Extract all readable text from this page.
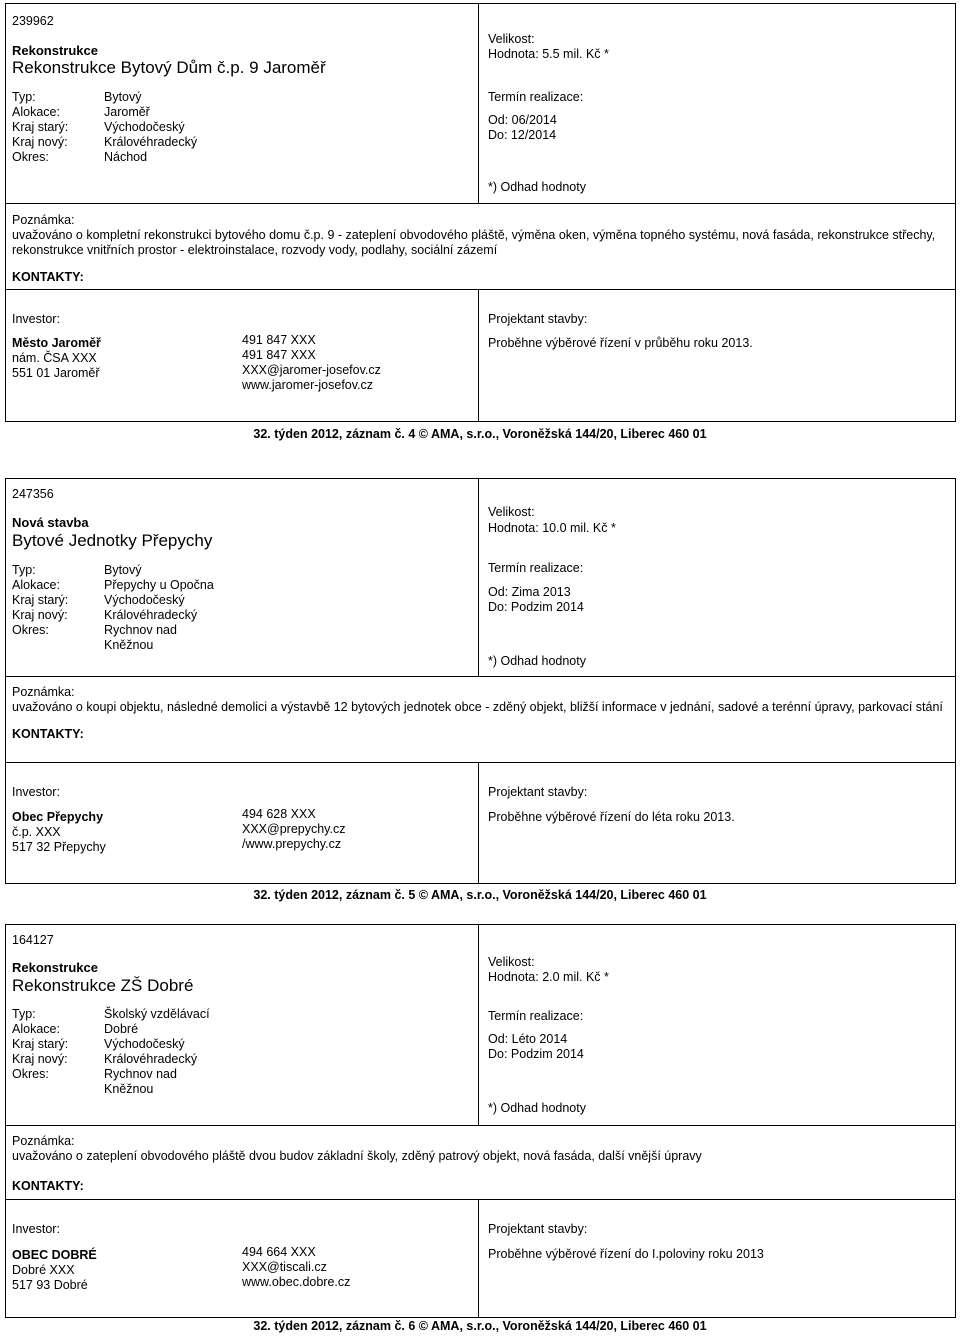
239962
Rekonstrukce
Rekonstrukce Bytový Dům č.p. 9 Jaroměř
Typ:	Bytový
Alokace:	Jaroměř
Kraj starý:	Východočeský
Kraj nový:	Královéhradecký
Okres:	Náchod
Velikost:
Hodnota: 5.5 mil. Kč *
Termín realizace:
Od: 06/2014
Do: 12/2014
*) Odhad hodnoty
Poznámka:
uvažováno o kompletní rekonstrukci bytového domu č.p. 9 - zateplení obvodového pláště, výměna oken, výměna topného systému, nová fasáda, rekonstrukce střechy, rekonstrukce vnitřních prostor - elektroinstalace, rozvody vody, podlahy, sociální zázemí
KONTAKTY:
Investor:
Město Jaroměř
nám. ČSA XXX
551 01 Jaroměř
491 847 XXX
491 847 XXX
XXX@jaromer-josefov.cz
www.jaromer-josefov.cz
Projektant stavby:
Proběhne výběrové řízení v průběhu roku 2013.
32. týden 2012, záznam č. 4 © AMA, s.r.o., Voroněžská 144/20, Liberec 460 01
247356
Nová stavba
Bytové Jednotky Přepychy
Typ:	Bytový
Alokace:	Přepychy u Opočna
Kraj starý:	Východočeský
Kraj nový:	Královéhradecký
Okres:	Rychnov nad Kněžnou
Velikost:
Hodnota: 10.0 mil. Kč *
Termín realizace:
Od: Zima 2013
Do: Podzim 2014
*) Odhad hodnoty
Poznámka:
uvažováno o koupi objektu, následné demolici a výstavbě 12 bytových jednotek obce - zděný objekt, bližší informace v jednání, sadové a terénní úpravy, parkovací stání
KONTAKTY:
Investor:
Obec Přepychy
č.p. XXX
517 32 Přepychy
494 628 XXX
XXX@prepychy.cz
/www.prepychy.cz
Projektant stavby:
Proběhne výběrové řízení do léta roku 2013.
32. týden 2012, záznam č. 5 © AMA, s.r.o., Voroněžská 144/20, Liberec 460 01
164127
Rekonstrukce
Rekonstrukce ZŠ Dobré
Typ:	Školský vzdělávací
Alokace:	Dobré
Kraj starý:	Východočeský
Kraj nový:	Královéhradecký
Okres:	Rychnov nad Kněžnou
Velikost:
Hodnota: 2.0 mil. Kč *
Termín realizace:
Od: Léto 2014
Do: Podzim 2014
*) Odhad hodnoty
Poznámka:
uvažováno o zateplení obvodového pláště dvou budov základní školy, zděný patrový objekt, nová fasáda, další vnější úpravy
KONTAKTY:
Investor:
OBEC DOBRÉ
Dobré XXX
517 93 Dobré
494 664 XXX
XXX@tiscali.cz
www.obec.dobre.cz
Projektant stavby:
Proběhne výběrové řízení do I.poloviny roku 2013
32. týden 2012, záznam č. 6 © AMA, s.r.o., Voroněžská 144/20, Liberec 460 01
